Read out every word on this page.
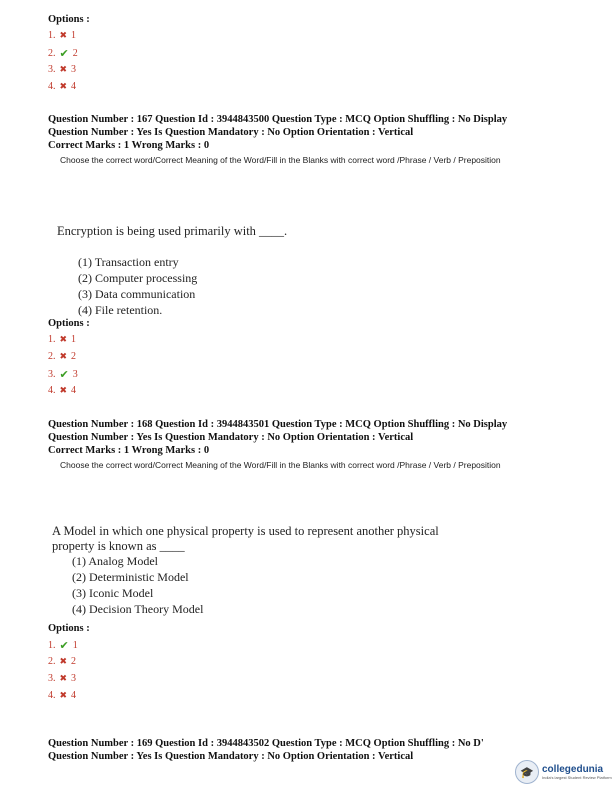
Options :
1. ✖ 1
2. ✔ 2
3. ✖ 3
4. ✖ 4
Question Number : 167 Question Id : 3944843500 Question Type : MCQ Option Shuffling : No Display
Question Number : Yes Is Question Mandatory : No Option Orientation : Vertical
Correct Marks : 1 Wrong Marks : 0
Choose the correct word/Correct Meaning of the Word/Fill in the Blanks with correct word /Phrase / Verb / Preposition
Encryption is being used primarily with ____.
(1) Transaction entry
(2) Computer processing
(3) Data communication
(4) File retention.
Options :
1. ✖ 1
2. ✖ 2
3. ✔ 3
4. ✖ 4
Question Number : 168 Question Id : 3944843501 Question Type : MCQ Option Shuffling : No Display
Question Number : Yes Is Question Mandatory : No Option Orientation : Vertical
Correct Marks : 1 Wrong Marks : 0
Choose the correct word/Correct Meaning of the Word/Fill in the Blanks with correct word /Phrase / Verb / Preposition
A Model in which one physical property is used to represent another physical
property is known as ____
(1) Analog Model
(2) Deterministic Model
(3) Iconic Model
(4) Decision Theory Model
Options :
1. ✔ 1
2. ✖ 2
3. ✖ 3
4. ✖ 4
Question Number : 169 Question Id : 3944843502 Question Type : MCQ Option Shuffling : No D'
Question Number : Yes Is Question Mandatory : No Option Orientation : Vertical
🎓 collegedunia
India's largest Student Review Platform
